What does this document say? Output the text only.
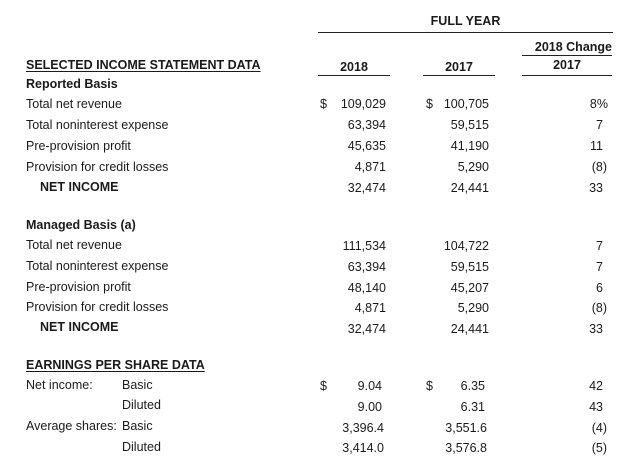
FULL YEAR
2018 Change
SELECTED INCOME STATEMENT DATA	2018	2017	2017
Reported Basis
Total net revenue	$	109,029	$ 100,705	8%
Total noninterest expense	63,394	59,515	7
Pre-provision profit	45,635	41,190	11
Provision for credit losses	4,871	5,290	(8)
NET INCOME	32,474	24,441	33
Managed Basis (a)
Total net revenue	111,534	104,722	7
Total noninterest expense	63,394	59,515	7
Pre-provision profit	48,140	45,207	6
Provision for credit losses	4,871	5,290	(8)
NET INCOME	32,474	24,441	33
EARNINGS PER SHARE DATA
Net income: Basic	$	9.04	$	6.35	42
Diluted	9.00	6.31	43
Average shares: Basic	3,396.4	3,551.6	(4)
Diluted	3,414.0	3,576.8	(5)
